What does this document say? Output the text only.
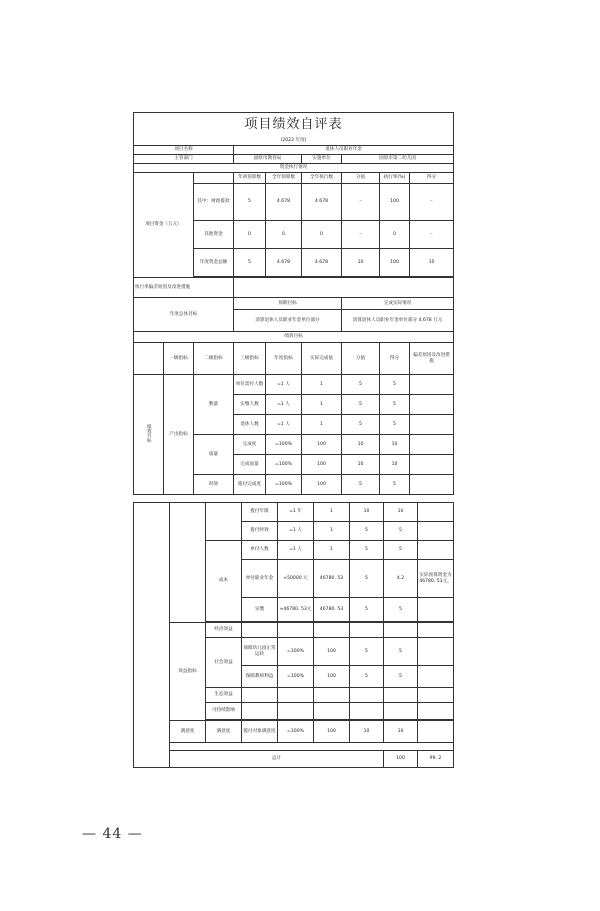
项目绩效自评表								
(2022 年度)								
项目名称			退休人员职业年金					
主管部门			固原市教育局		实施单位	固原市第二幼儿园		
资金执行情况								
项目资金（万元）			年初预算数	全年预算数	全年执行数	分值	执行率(%)	得分
		其中：财政拨款	5	4.678	4.678	–	100	–
		其他资金	0	0	0	–	0	–
		年度资金总额	5	4.678	4.678	10	100	10

执行率偏差原因及改进措施								
年度总体目标			预期目标			完成实际情况		
			清算退休人员职业年金单位部分			清算退休人员职业年金单位部分 4.678 万元		
绩效目标								
	一级指标	二级指标	三级指标	年度指标	实际完成值	分值	得分	偏差原因及改进措施
绩效目标	产出指标	数量	单位需付人数	=1 人	1	5	5	
			实缴人数	=1 人	1	5	5	
			退休人数	=1 人	1	5	5	
		质量	完成度	=100%	100	10	10	
			完成质量	=100%	100	10	10	
		时效	拨付完成度	=100%	100	5	5	
			拨付年限	=1 年	1	10	10		
			拨付时效	=1 人	1	5	5		
		成本	单付人数	=1 人	1	5	5		
			单付职业年金	≈50000 元	46780. 53	5	4.2	实际预算资金为46780. 53元。	
			实缴	≈46780. 53元	46780. 53	5	5		

	效益指标	经济效益							
		社会效益	保障幼儿园正常运转	=100%	100	5	5		
			保障教师利益	=100%	100	5	5		
		生态效益							
		可持续影响							

	满意度	满意度	拨付对象满意度	=100%	100	10	10		

	总计						100	99. 2	
— 44 —
